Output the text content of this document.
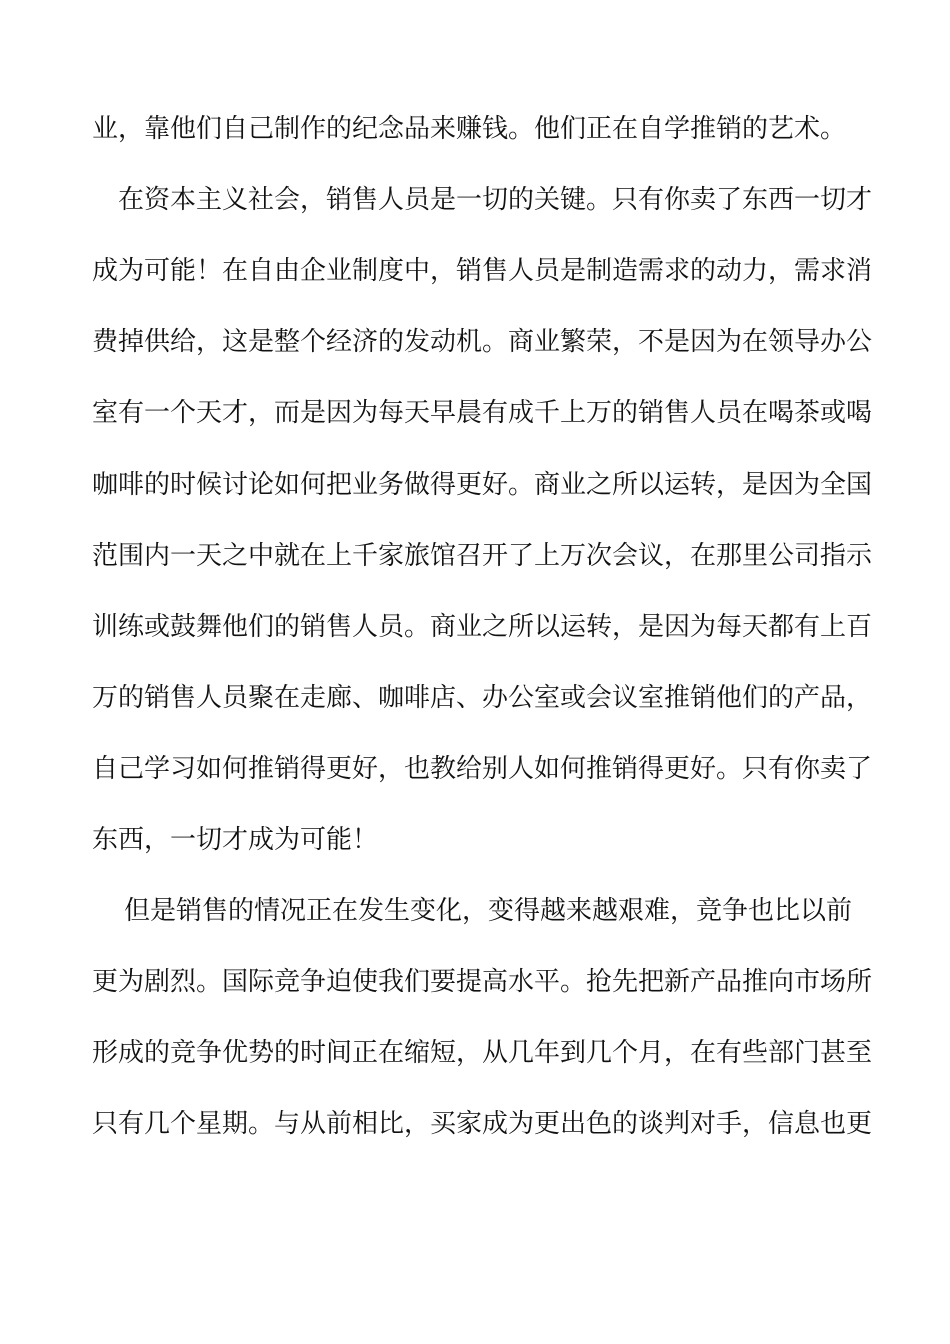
业，靠他们自己制作的纪念品来赚钱。他们正在自学推销的艺术。
在资本主义社会，销售人员是一切的关键。只有你卖了东西一切才
成为可能！在自由企业制度中，销售人员是制造需求的动力，需求消
费掉供给，这是整个经济的发动机。商业繁荣，不是因为在领导办公
室有一个天才，而是因为每天早晨有成千上万的销售人员在喝茶或喝
咖啡的时候讨论如何把业务做得更好。商业之所以运转，是因为全国
范围内一天之中就在上千家旅馆召开了上万次会议，在那里公司指示
训练或鼓舞他们的销售人员。商业之所以运转，是因为每天都有上百
万的销售人员聚在走廊、咖啡店、办公室或会议室推销他们的产品，
自己学习如何推销得更好，也教给别人如何推销得更好。只有你卖了
东西，一切才成为可能！
但是销售的情况正在发生变化，变得越来越艰难，竞争也比以前
更为剧烈。国际竞争迫使我们要提高水平。抢先把新产品推向市场所
形成的竞争优势的时间正在缩短，从几年到几个月，在有些部门甚至
只有几个星期。与从前相比，买家成为更出色的谈判对手，信息也更
